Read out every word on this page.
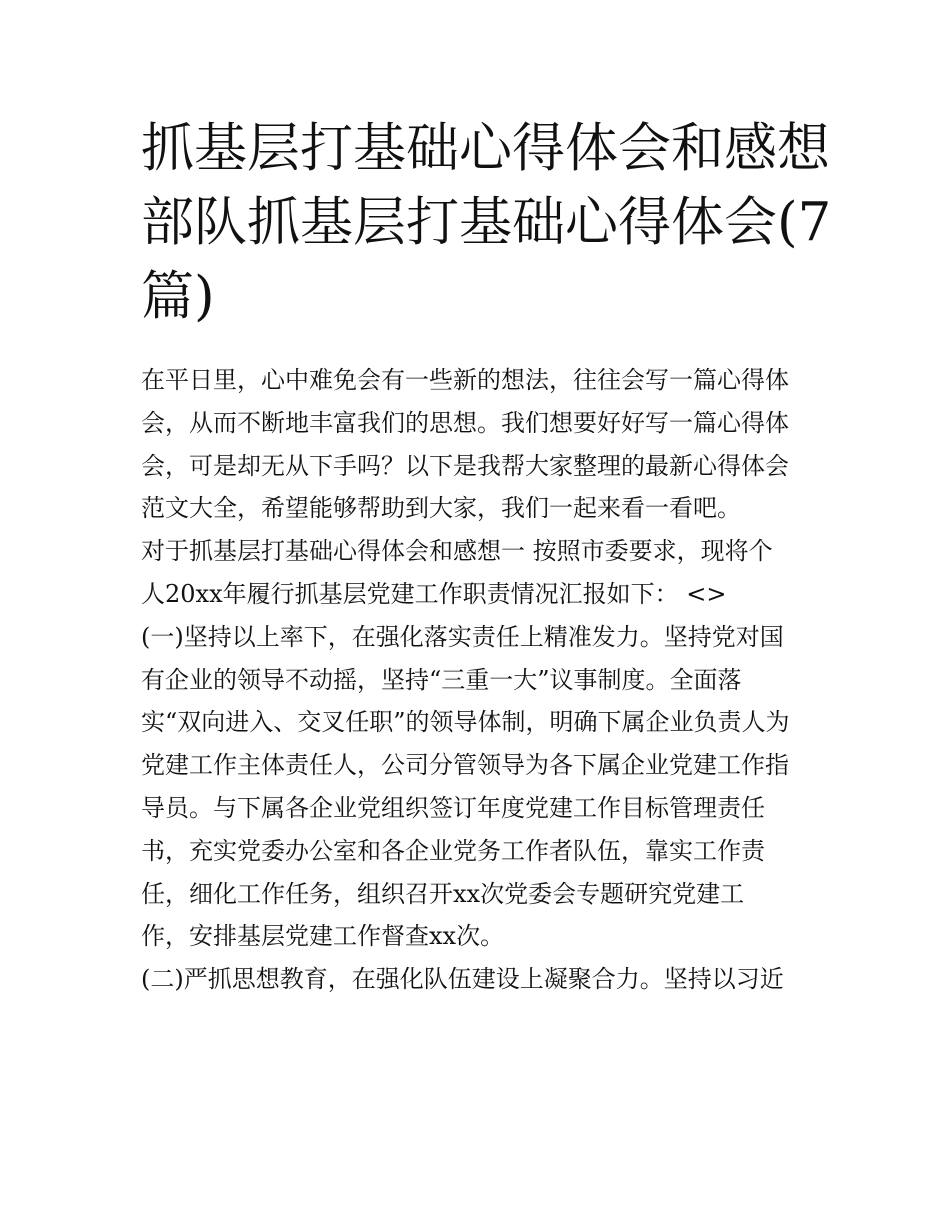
抓基层打基础心得体会和感想
部队抓基层打基础心得体会(7
篇)
在平日里，心中难免会有一些新的想法，往往会写一篇心得体
会，从而不断地丰富我们的思想。我们想要好好写一篇心得体
会，可是却无从下手吗？以下是我帮大家整理的最新心得体会
范文大全，希望能够帮助到大家，我们一起来看一看吧。
对于抓基层打基础心得体会和感想一 按照市委要求，现将个
人20xx年履行抓基层党建工作职责情况汇报如下： <>
(一)坚持以上率下，在强化落实责任上精准发力。坚持党对国
有企业的领导不动摇，坚持“三重一大”议事制度。全面落
实“双向进入、交叉任职”的领导体制，明确下属企业负责人为
党建工作主体责任人，公司分管领导为各下属企业党建工作指
导员。与下属各企业党组织签订年度党建工作目标管理责任
书，充实党委办公室和各企业党务工作者队伍，靠实工作责
任，细化工作任务，组织召开xx次党委会专题研究党建工
作，安排基层党建工作督查xx次。
(二)严抓思想教育，在强化队伍建设上凝聚合力。坚持以习近
